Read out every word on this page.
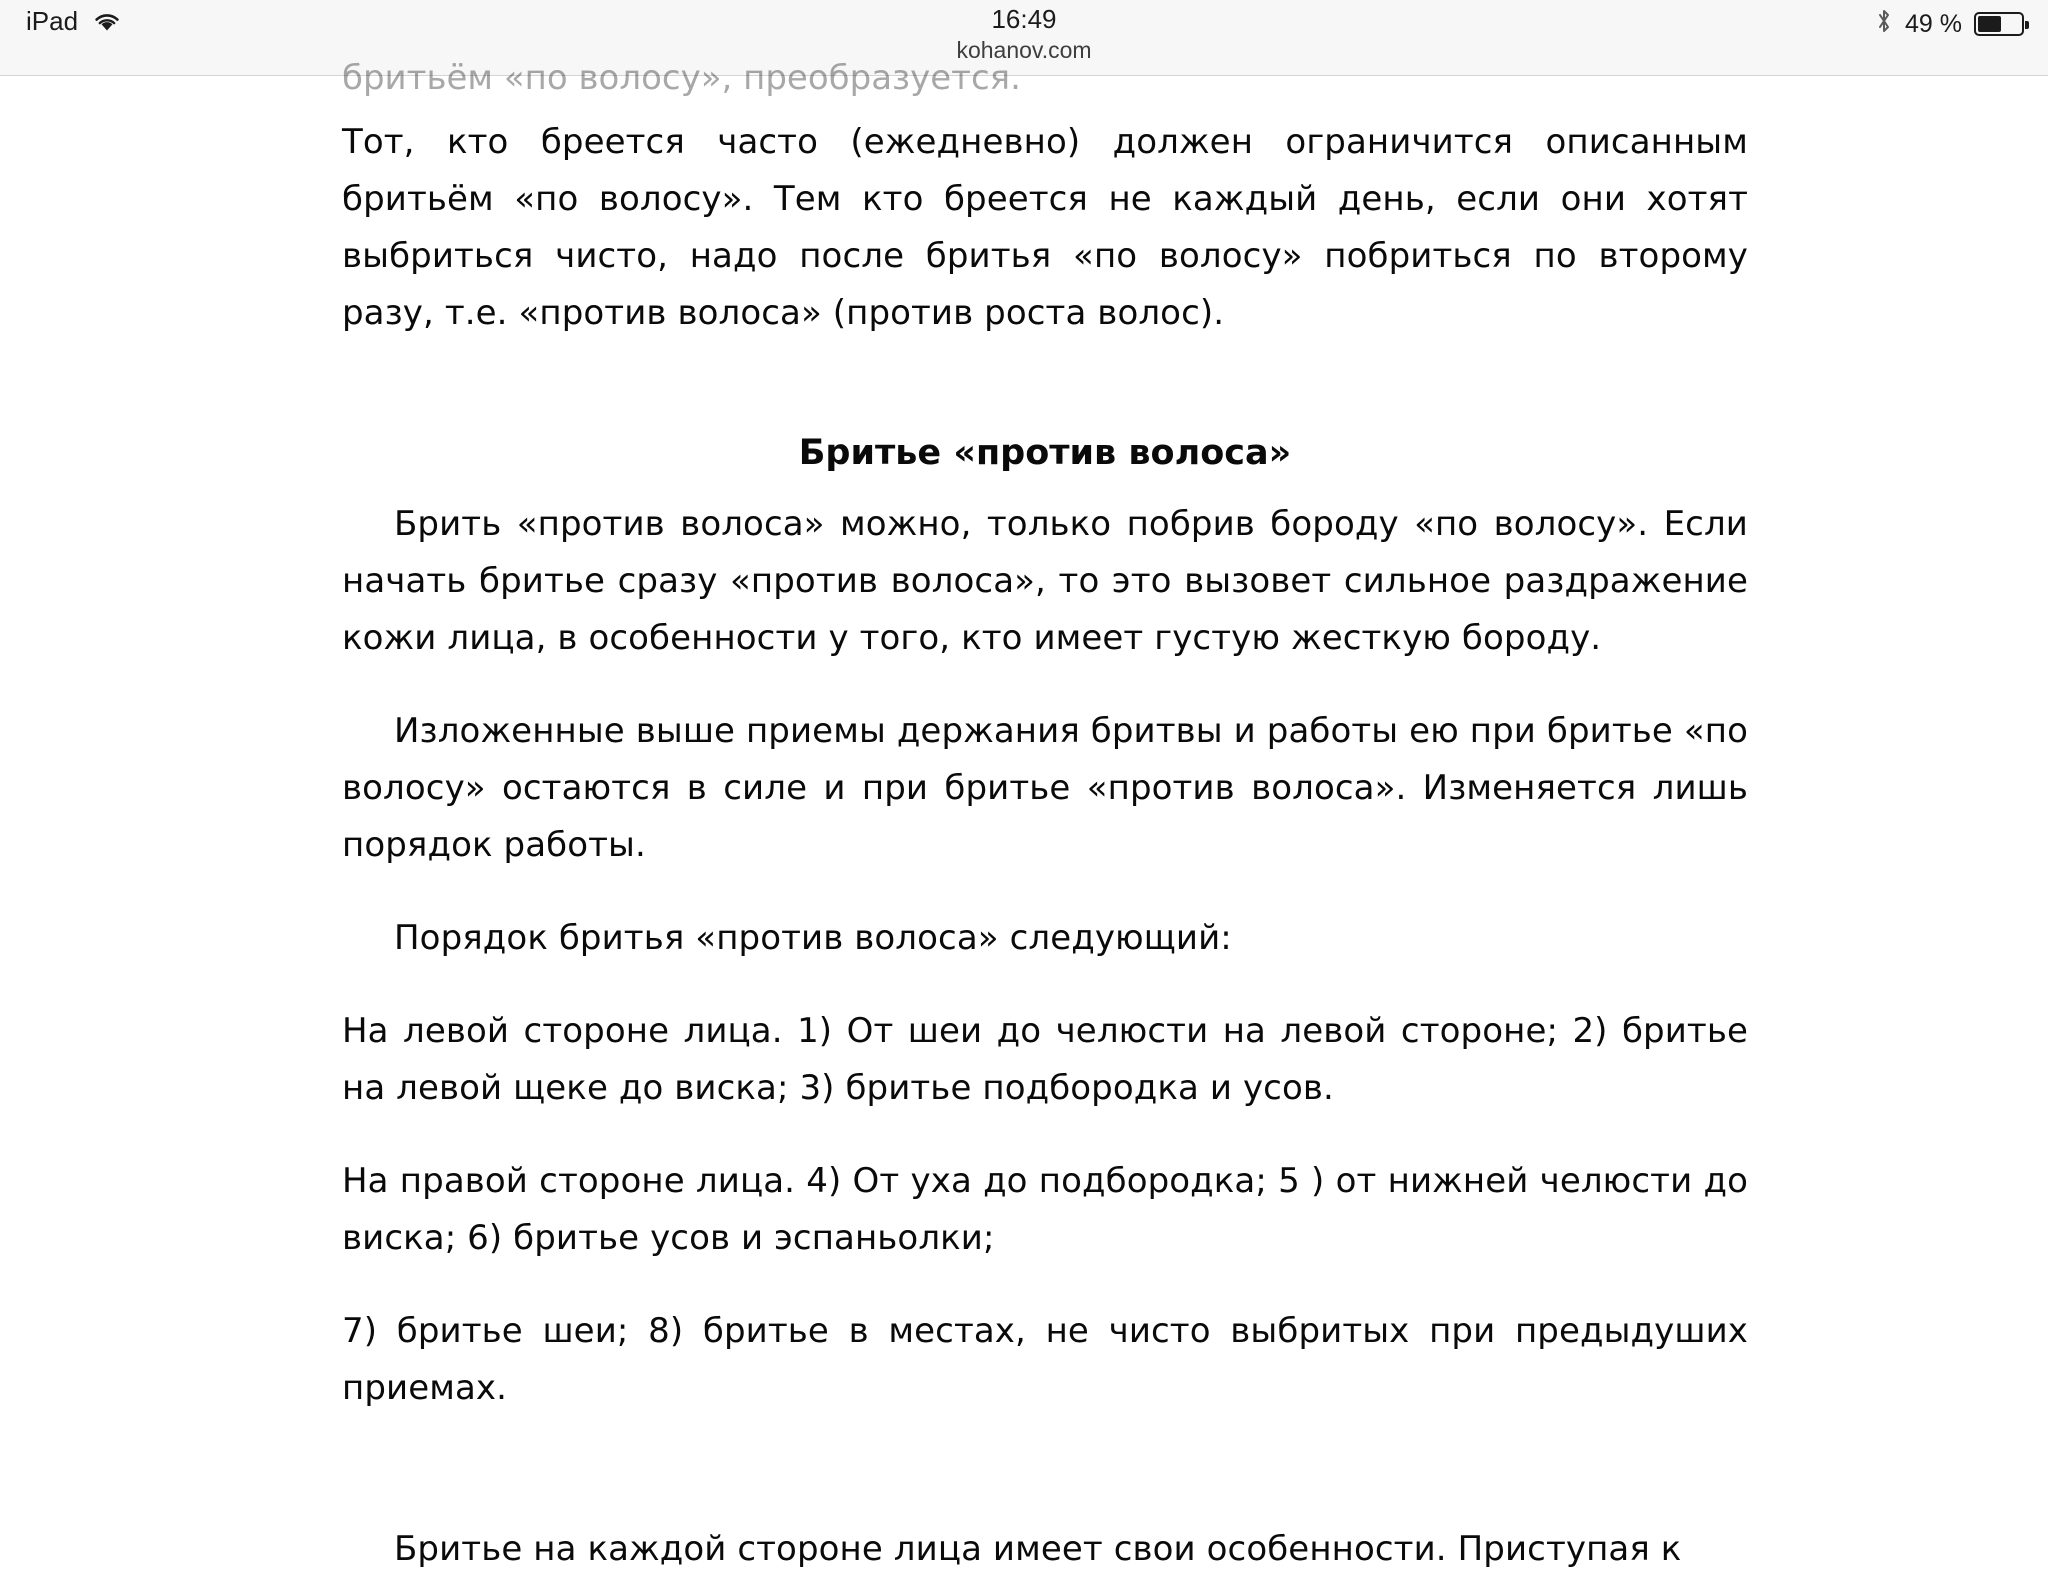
iPad	16:49
kohanov.com
49 %

бритьём «по волосу», преобразуется.

Тот, кто бреется часто (ежедневно) должен ограничится описанным бритьём «по волосу». Тем кто бреется не каждый день, если они хотят выбриться чисто, надо после бритья «по волосу» побриться по второму разу, т.е. «против волоса» (против роста волос).

Бритье «против волоса»

Брить «против волоса» можно, только побрив бороду «по волосу». Если начать бритье сразу «против волоса», то это вызовет сильное раздражение кожи лица, в особенности у того, кто имеет густую жесткую бороду.

Изложенные выше приемы держания бритвы и работы ею при бритье «по волосу» остаются в силе и при бритье «против волоса». Изменяется лишь порядок работы.

Порядок бритья «против волоса» следующий:

На левой стороне лица. 1) От шеи до челюсти на левой стороне; 2) бритье на левой щеке до виска; 3) бритье подбородка и усов.

На правой стороне лица. 4) От уха до подбородка; 5 ) от нижней челюсти до виска; 6) бритье усов и эспаньолки;

7) бритье шеи; 8) бритье в местах, не чисто выбритых при предыдуших приемах.

Бритье на каждой стороне лица имеет свои особенности. Приступая к
